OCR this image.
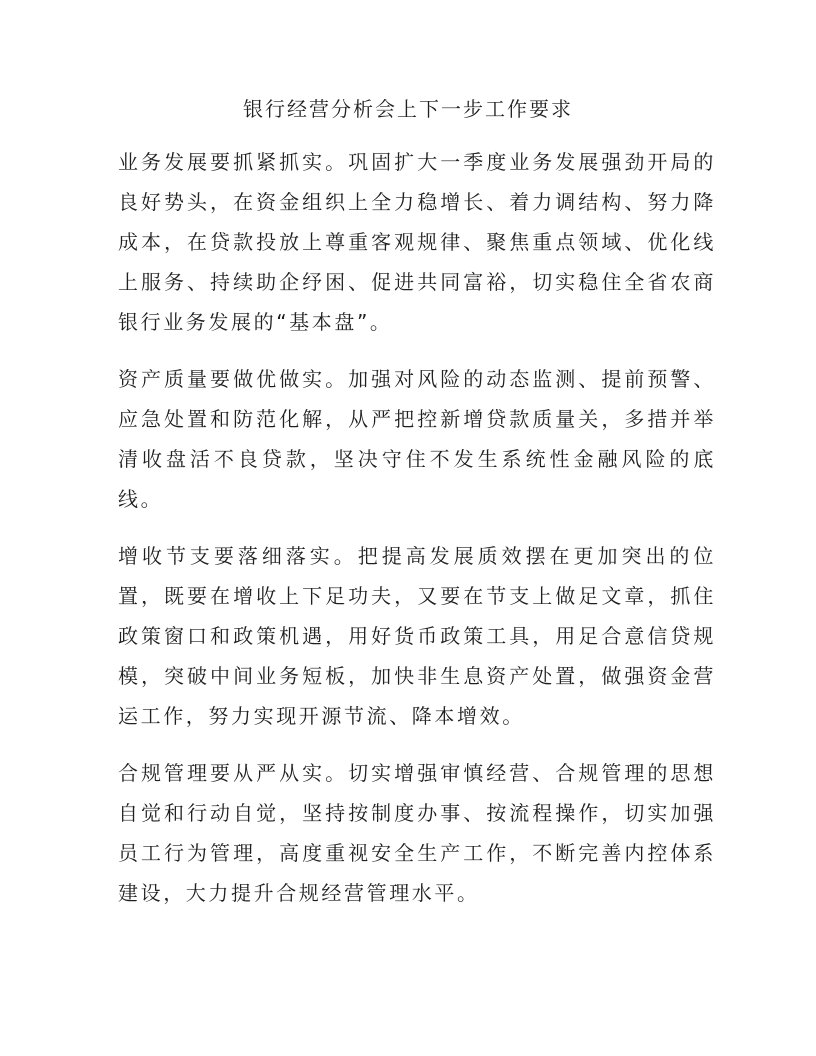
银行经营分析会上下一步工作要求

业务发展要抓紧抓实。巩固扩大一季度业务发展强劲开局的良好势头，在资金组织上全力稳增长、着力调结构、努力降成本，在贷款投放上尊重客观规律、聚焦重点领域、优化线上服务、持续助企纾困、促进共同富裕，切实稳住全省农商银行业务发展的“基本盘”。

资产质量要做优做实。加强对风险的动态监测、提前预警、应急处置和防范化解，从严把控新增贷款质量关，多措并举清收盘活不良贷款，坚决守住不发生系统性金融风险的底线。

增收节支要落细落实。把提高发展质效摆在更加突出的位置，既要在增收上下足功夫，又要在节支上做足文章，抓住政策窗口和政策机遇，用好货币政策工具，用足合意信贷规模，突破中间业务短板，加快非生息资产处置，做强资金营运工作，努力实现开源节流、降本增效。

合规管理要从严从实。切实增强审慎经营、合规管理的思想自觉和行动自觉，坚持按制度办事、按流程操作，切实加强员工行为管理，高度重视安全生产工作，不断完善内控体系建设，大力提升合规经营管理水平。
